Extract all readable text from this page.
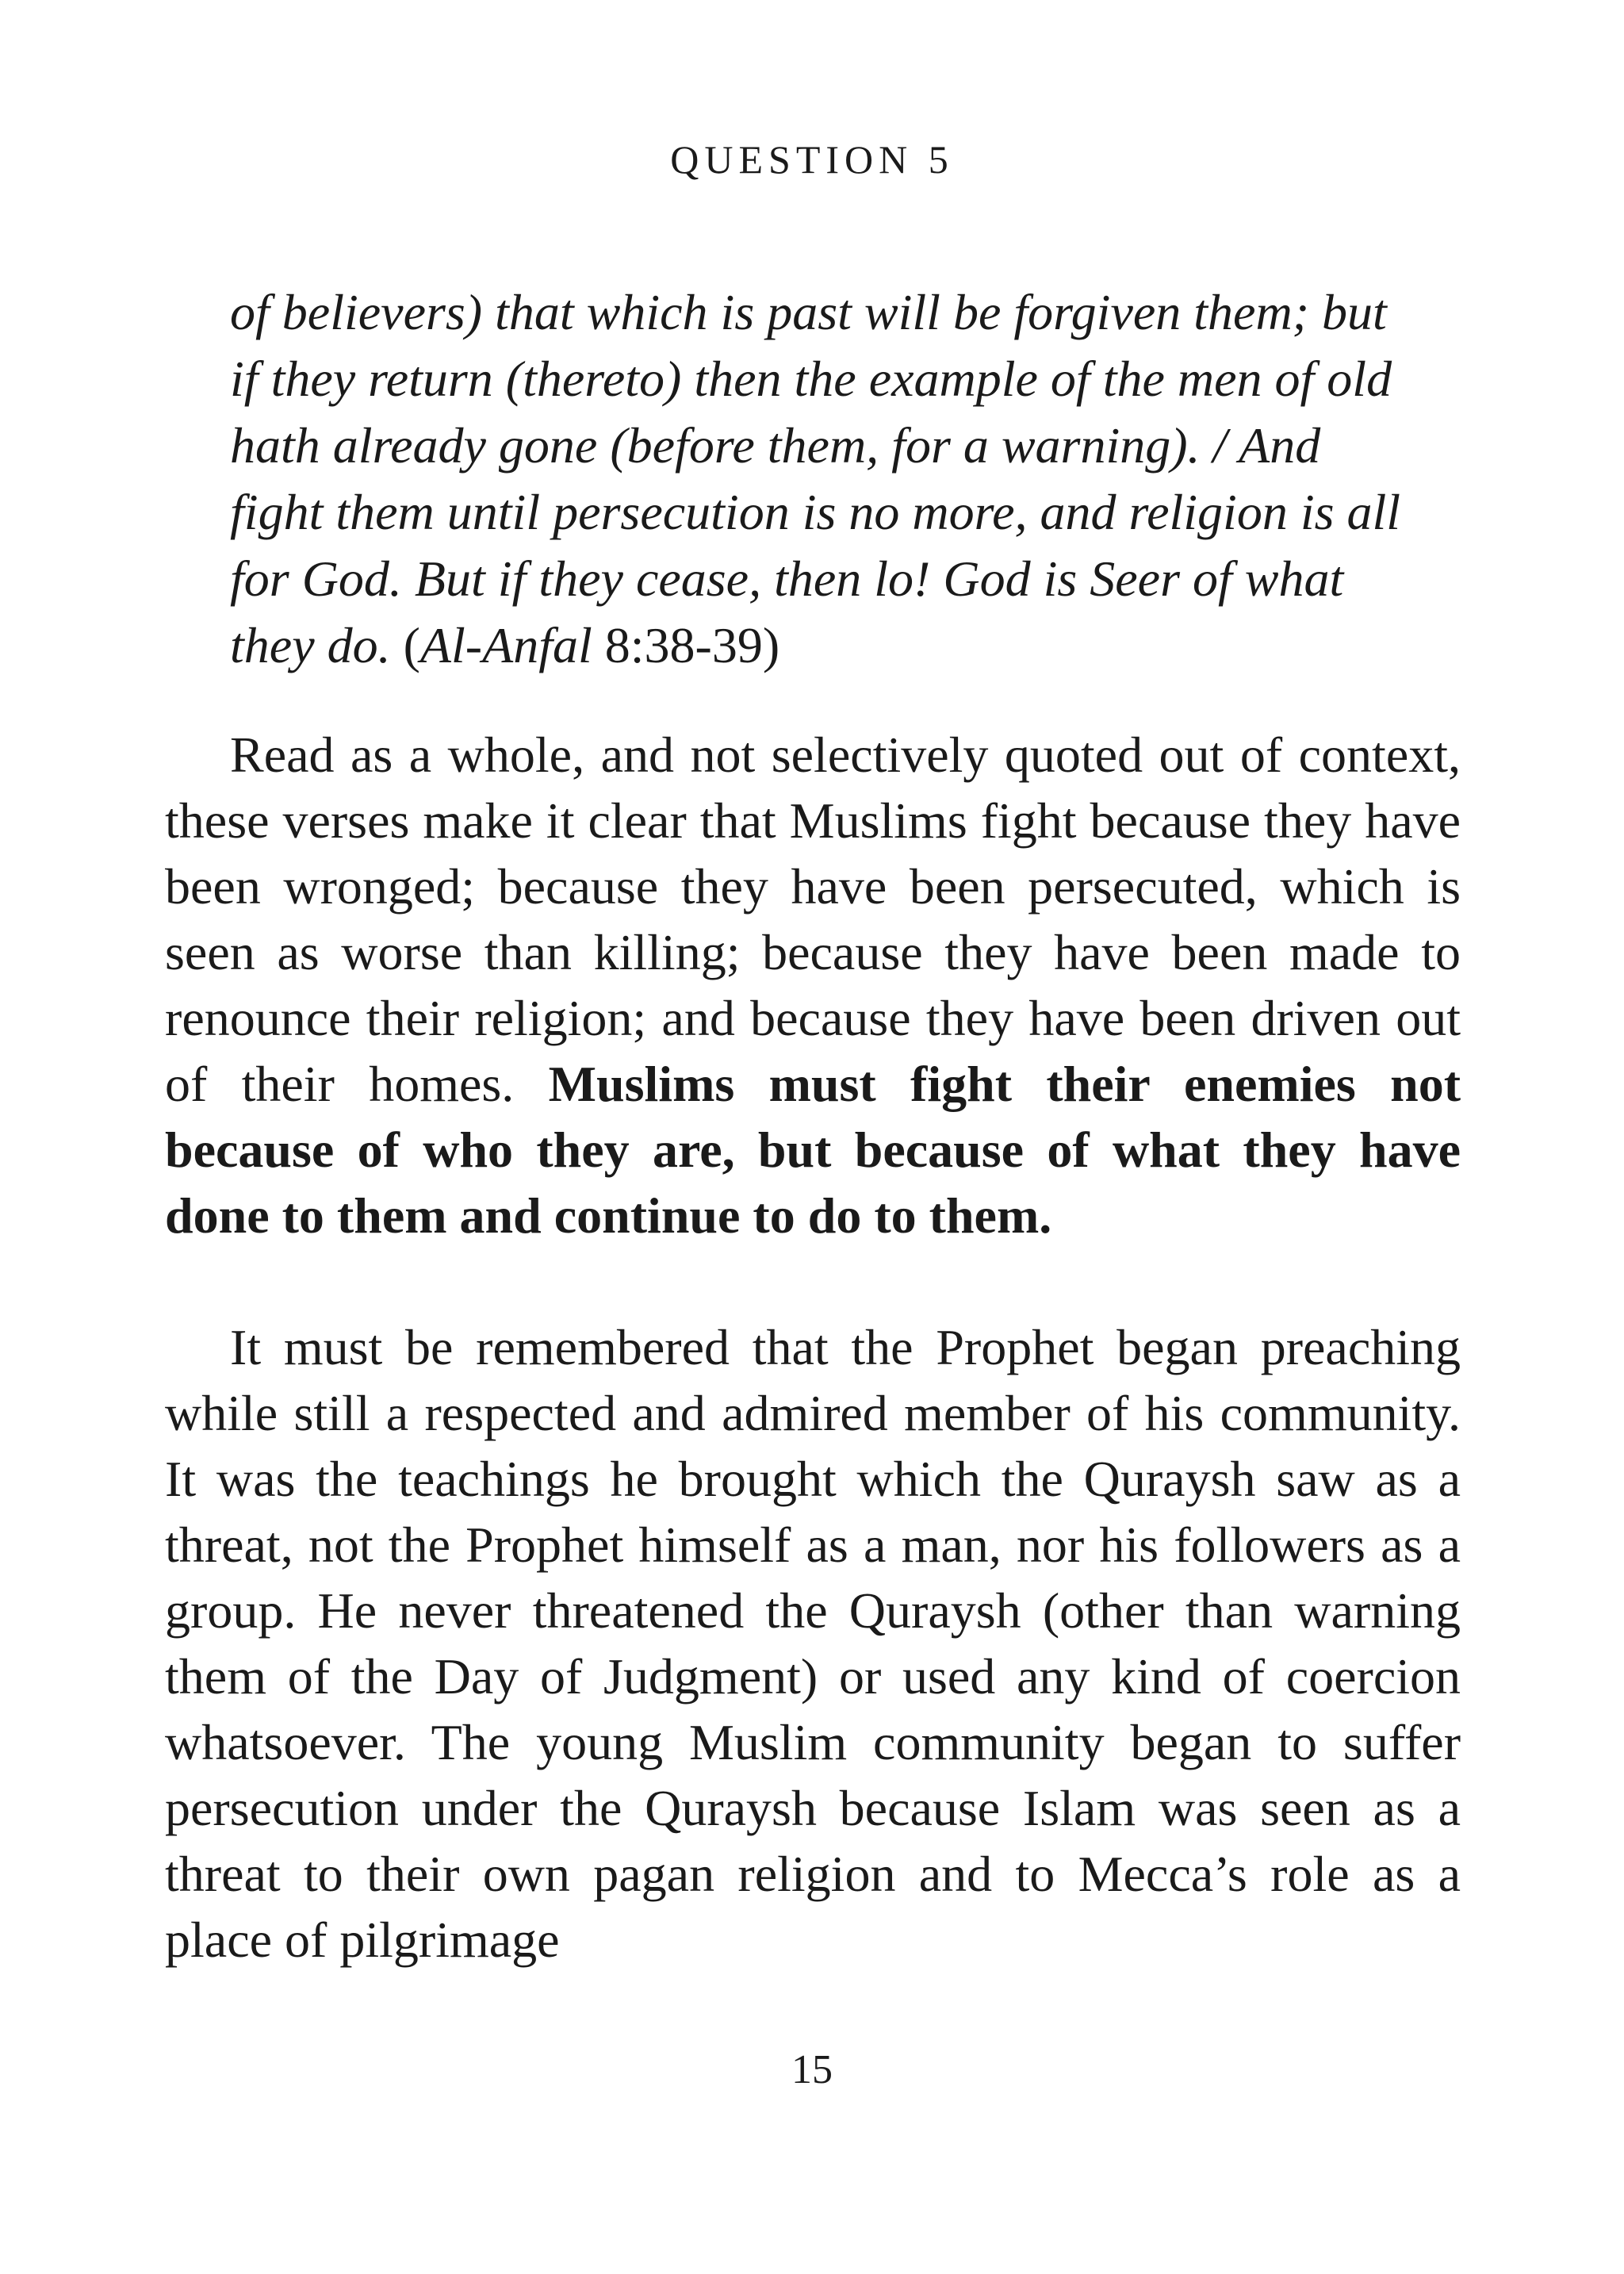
QUESTION 5

of believers) that which is past will be forgiven them; but if they return (thereto) then the example of the men of old hath already gone (before them, for a warning). / And fight them until persecution is no more, and religion is all for God. But if they cease, then lo! God is Seer of what they do. (Al-Anfal 8:38-39)

Read as a whole, and not selectively quoted out of context, these verses make it clear that Muslims fight because they have been wronged; because they have been persecuted, which is seen as worse than killing; because they have been made to renounce their religion; and because they have been driven out of their homes. Muslims must fight their enemies not because of who they are, but because of what they have done to them and continue to do to them.

It must be remembered that the Prophet began preaching while still a respected and admired member of his community. It was the teachings he brought which the Quraysh saw as a threat, not the Prophet himself as a man, nor his followers as a group. He never threatened the Quraysh (other than warning them of the Day of Judgment) or used any kind of coercion whatsoever. The young Muslim community began to suffer persecution under the Quraysh because Islam was seen as a threat to their own pagan religion and to Mecca’s role as a place of pilgrimage

15
